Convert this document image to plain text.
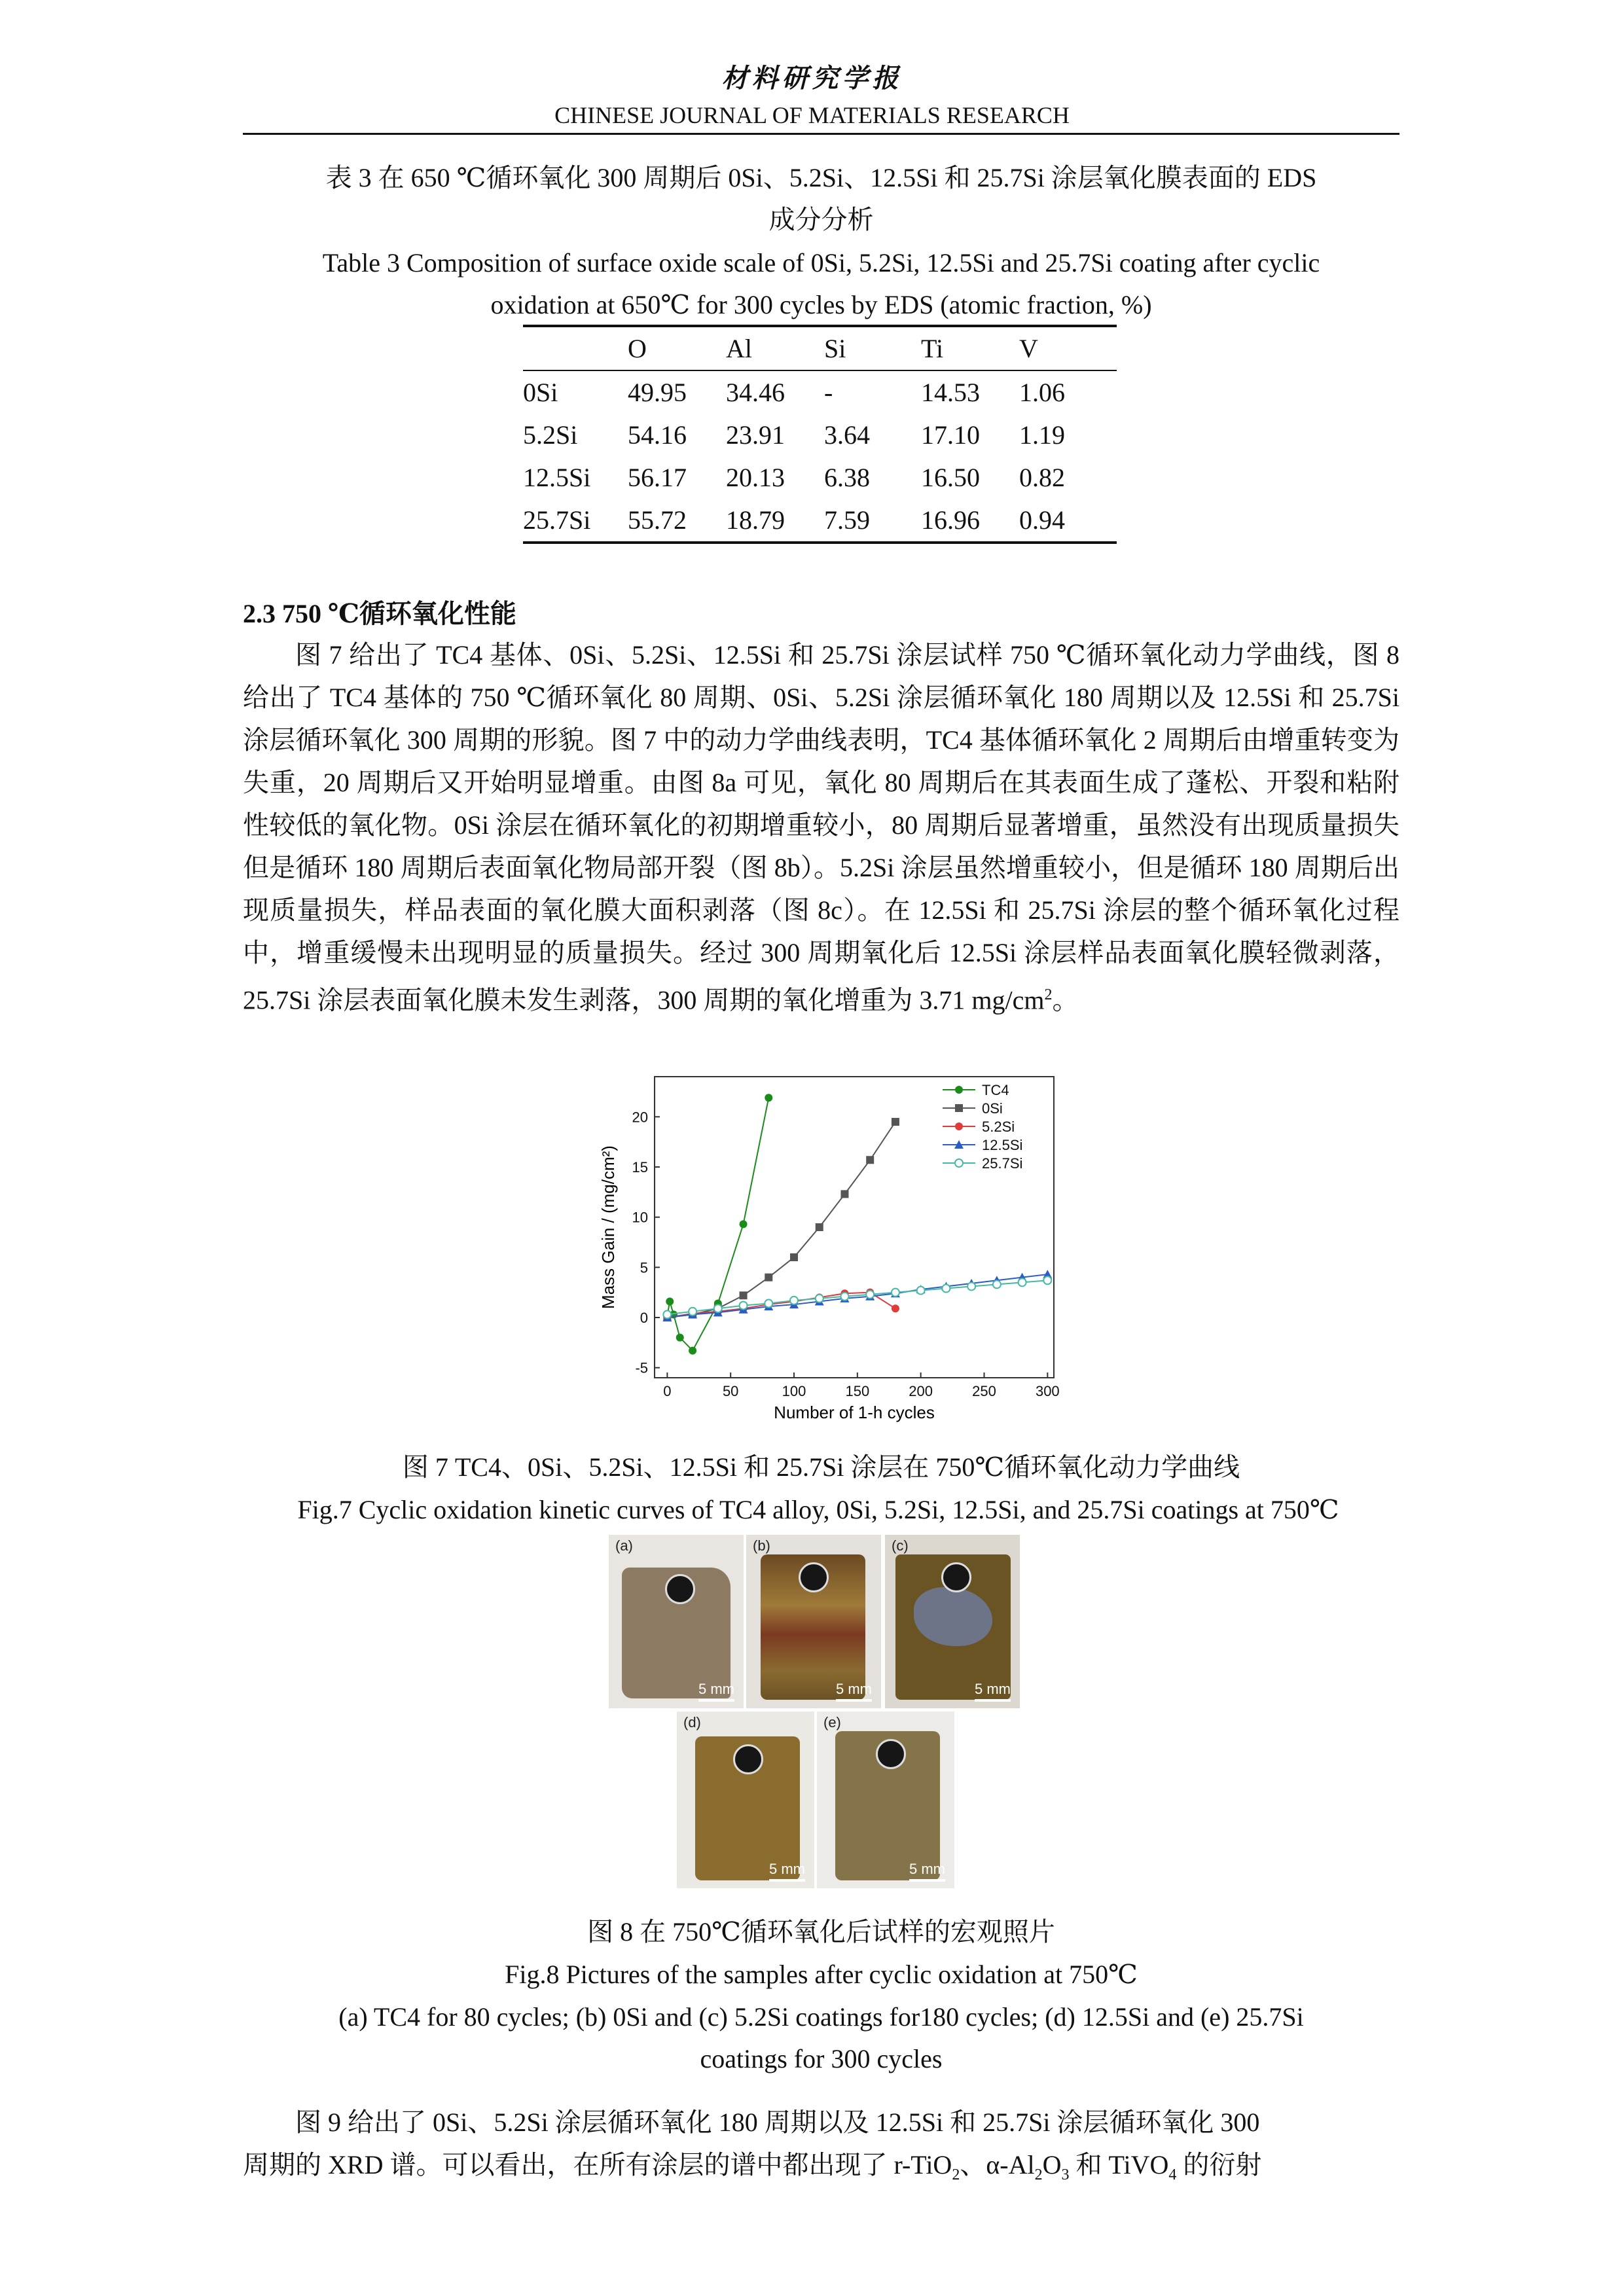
材料研究学报
CHINESE JOURNAL OF MATERIALS RESEARCH
表 3 在 650 ℃循环氧化 300 周期后 0Si、5.2Si、12.5Si 和 25.7Si 涂层氧化膜表面的 EDS
成分分析
Table 3 Composition of surface oxide scale of 0Si, 5.2Si, 12.5Si and 25.7Si coating after cyclic
oxidation at 650℃ for 300 cycles by EDS (atomic fraction, %)
	O	Al	Si	Ti	V
0Si	49.95	34.46	-	14.53	1.06
5.2Si	54.16	23.91	3.64	17.10	1.19
12.5Si	56.17	20.13	6.38	16.50	0.82
25.7Si	55.72	18.79	7.59	16.96	0.94
2.3 750 ℃循环氧化性能

图 7 给出了 TC4 基体、0Si、5.2Si、12.5Si 和 25.7Si 涂层试样 750 ℃循环氧化动力学曲线，图 8 给出了 TC4 基体的 750 ℃循环氧化 80 周期、0Si、5.2Si 涂层循环氧化 180 周期以及 12.5Si 和 25.7Si 涂层循环氧化 300 周期的形貌。图 7 中的动力学曲线表明，TC4 基体循环氧化 2 周期后由增重转变为失重，20 周期后又开始明显增重。由图 8a 可见，氧化 80 周期后在其表面生成了蓬松、开裂和粘附性较低的氧化物。0Si 涂层在循环氧化的初期增重较小，80 周期后显著增重，虽然没有出现质量损失但是循环 180 周期后表面氧化物局部开裂（图 8b）。5.2Si 涂层虽然增重较小，但是循环 180 周期后出现质量损失，样品表面的氧化膜大面积剥落（图 8c）。在 12.5Si 和 25.7Si 涂层的整个循环氧化过程中，增重缓慢未出现明显的质量损失。经过 300 周期氧化后 12.5Si 涂层样品表面氧化膜轻微剥落，25.7Si 涂层表面氧化膜未发生剥落，300 周期的氧化增重为 3.71 $mg/cm^2$。

0	50	100	150	200	250	300
-5
0
5
10
15
20
TC4
0Si
5.2Si
12.5Si
25.7Si
Number of 1-h cycles
Mass Gain / (mg/cm²)
图 7 TC4、0Si、5.2Si、12.5Si 和 25.7Si 涂层在 750℃循环氧化动力学曲线
Fig.7 Cyclic oxidation kinetic curves of TC4 alloy, 0Si, 5.2Si, 12.5Si, and 25.7Si coatings at 750℃
(a)
5 mm
(b)
5 mm
(c)
5 mm
(d)
5 mm
(e)
5 mm
图 8 在 750℃循环氧化后试样的宏观照片
Fig.8 Pictures of the samples after cyclic oxidation at 750℃
(a) TC4 for 80 cycles; (b) 0Si and (c) 5.2Si coatings for180 cycles; (d) 12.5Si and (e) 25.7Si
coatings for 300 cycles

图 9 给出了 0Si、5.2Si 涂层循环氧化 180 周期以及 12.5Si 和 25.7Si 涂层循环氧化 300

周期的 XRD 谱。可以看出，在所有涂层的谱中都出现了 r-TiO$_2$、$\alpha-Al_2O_3$ 和 TiVO$_4$ 的衍射
